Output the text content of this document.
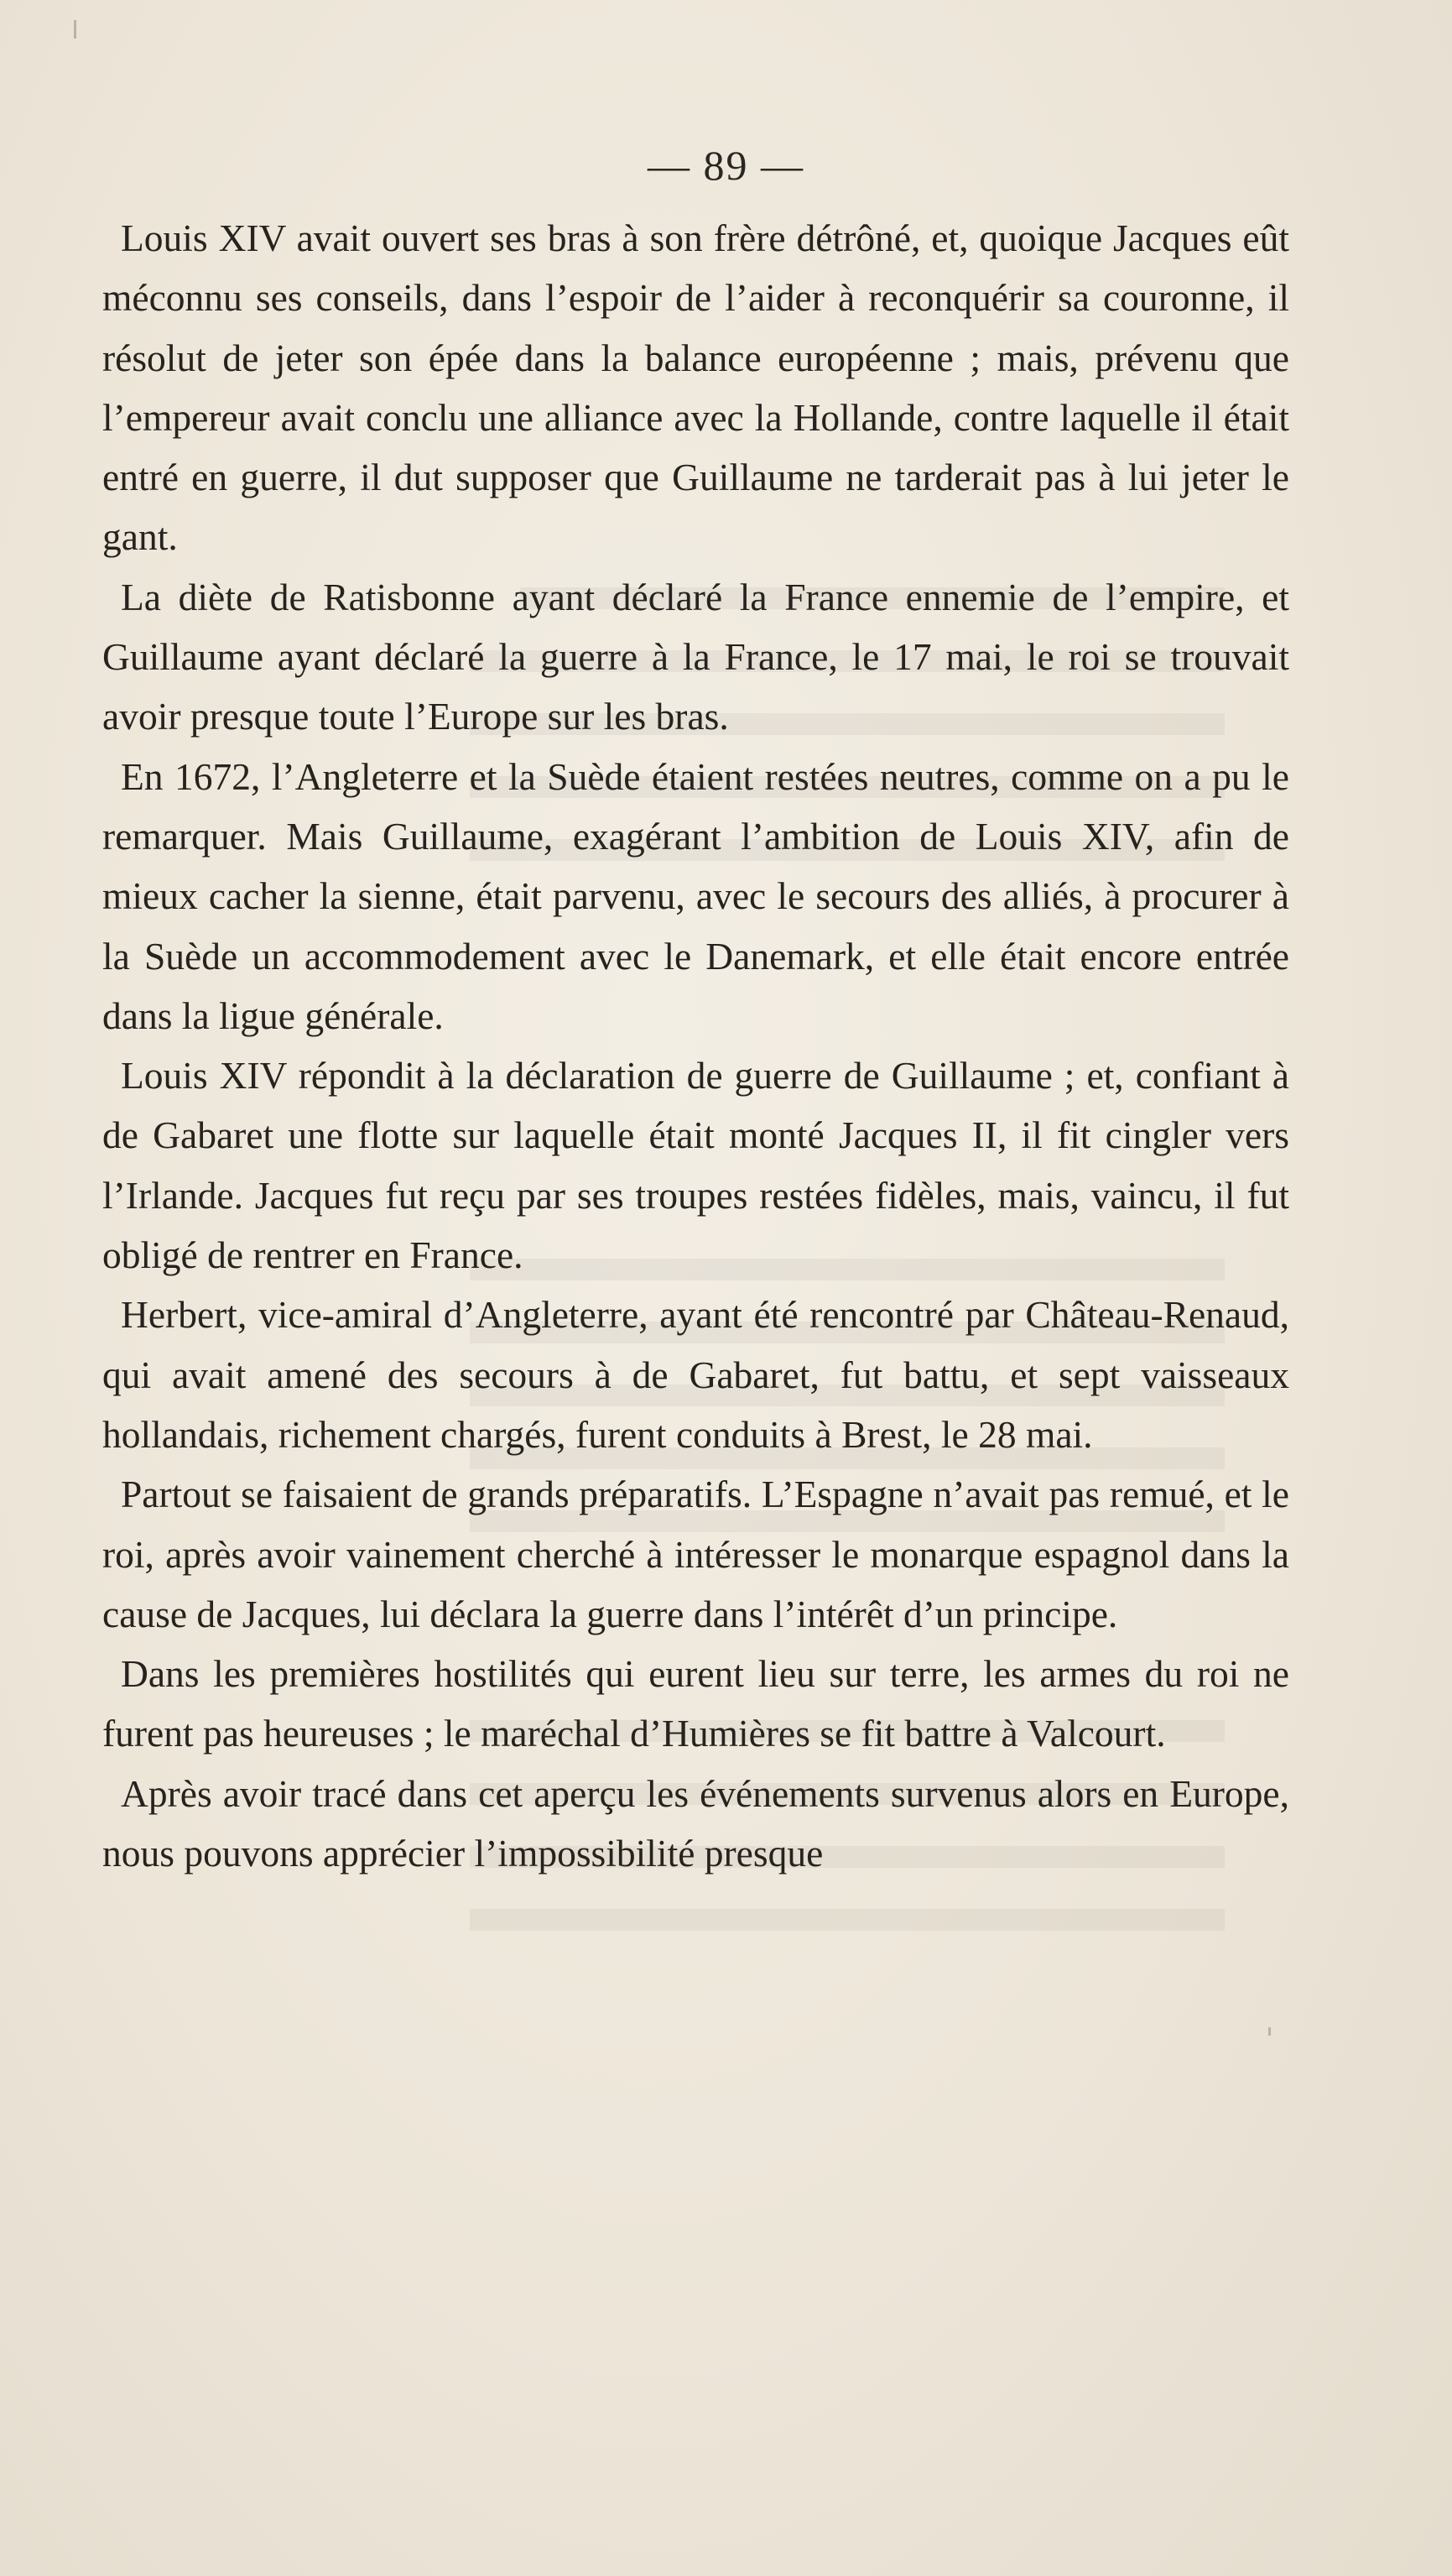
— 89 —

Louis XIV avait ouvert ses bras à son frère détrôné, et, quoique Jacques eût méconnu ses conseils, dans l’espoir de l’aider à reconquérir sa couronne, il résolut de jeter son épée dans la balance européenne ; mais, prévenu que l’empereur avait conclu une alliance avec la Hollande, contre laquelle il était entré en guerre, il dut supposer que Guillaume ne tarderait pas à lui jeter le gant.

La diète de Ratisbonne ayant déclaré la France ennemie de l’empire, et Guillaume ayant déclaré la guerre à la France, le 17 mai, le roi se trouvait avoir presque toute l’Europe sur les bras.

En 1672, l’Angleterre et la Suède étaient restées neutres, comme on a pu le remarquer. Mais Guillaume, exagérant l’ambition de Louis XIV, afin de mieux cacher la sienne, était parvenu, avec le secours des alliés, à procurer à la Suède un accommodement avec le Danemark, et elle était encore entrée dans la ligue générale.

Louis XIV répondit à la déclaration de guerre de Guillaume ; et, confiant à de Gabaret une flotte sur laquelle était monté Jacques II, il fit cingler vers l’Irlande. Jacques fut reçu par ses troupes restées fidèles, mais, vaincu, il fut obligé de rentrer en France.

Herbert, vice-amiral d’Angleterre, ayant été rencontré par Château-Renaud, qui avait amené des secours à de Gabaret, fut battu, et sept vaisseaux hollandais, richement chargés, furent conduits à Brest, le 28 mai.

Partout se faisaient de grands préparatifs. L’Espagne n’avait pas remué, et le roi, après avoir vainement cherché à intéresser le monarque espagnol dans la cause de Jacques, lui déclara la guerre dans l’intérêt d’un principe.

Dans les premières hostilités qui eurent lieu sur terre, les armes du roi ne furent pas heureuses ; le maréchal d’Humières se fit battre à Valcourt.

Après avoir tracé dans cet aperçu les événements survenus alors en Europe, nous pouvons apprécier l’impossibilité presque
